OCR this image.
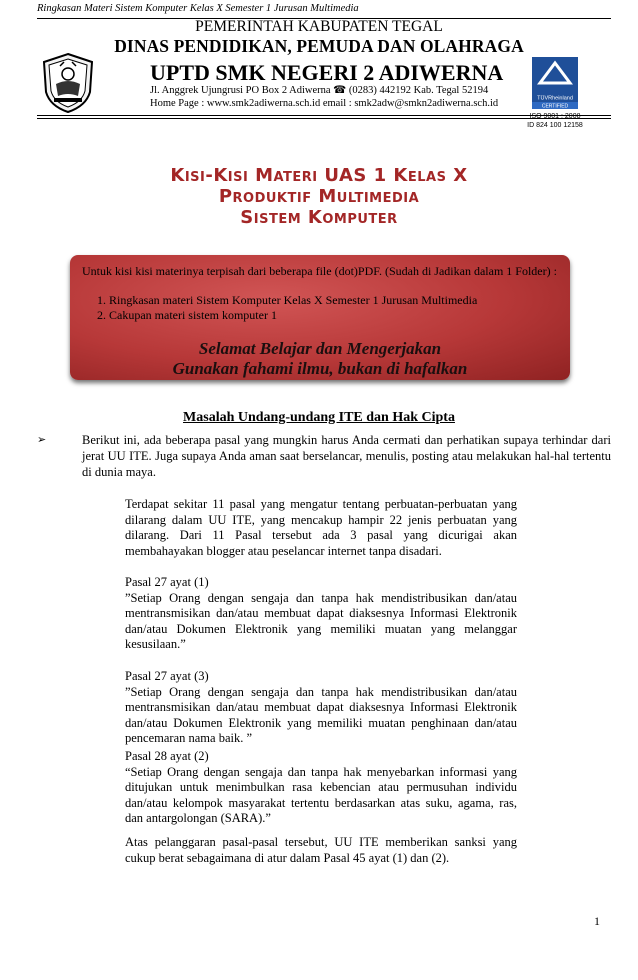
Ringkasan Materi Sistem Komputer Kelas X Semester 1 Jurusan Multimedia
PEMERINTAH KABUPATEN TEGAL
DINAS PENDIDIKAN, PEMUDA DAN OLAHRAGA
UPTD SMK NEGERI 2 ADIWERNA
Jl. Anggrek Ujungrusi PO Box 2 Adiwerna ☎ (0283) 442192 Kab. Tegal 52194
Home Page : www.smk2adiwerna.sch.id email : smk2adw@smkn2adiwerna.sch.id	TÜVRheinland
CERTIFIED
ISO 9001 : 2008
ID 824 100 12158
Kisi-Kisi Materi UAS 1 Kelas X
Produktif Multimedia
Sistem Komputer
Untuk kisi kisi materinya terpisah dari beberapa file (dot)PDF. (Sudah di Jadikan dalam 1 Folder) :
1. Ringkasan materi Sistem Komputer Kelas X Semester 1 Jurusan Multimedia
2. Cakupan materi sistem komputer 1
Selamat Belajar dan Mengerjakan
Gunakan fahami ilmu, bukan di hafalkan
Masalah Undang-undang ITE dan Hak Cipta
➢	Berikut ini, ada beberapa pasal yang mungkin harus Anda cermati dan perhatikan supaya terhindar dari jerat UU ITE. Juga supaya Anda aman saat berselancar, menulis, posting atau melakukan hal-hal tertentu di dunia maya.

Terdapat sekitar 11 pasal yang mengatur tentang perbuatan-perbuatan yang dilarang dalam UU ITE, yang mencakup hampir 22 jenis perbuatan yang dilarang. Dari 11 Pasal tersebut ada 3 pasal yang dicurigai akan membahayakan blogger atau peselancar internet tanpa disadari.

Pasal 27 ayat (1)

”Setiap Orang dengan sengaja dan tanpa hak mendistribusikan dan/atau mentransmisikan dan/atau membuat dapat diaksesnya Informasi Elektronik dan/atau Dokumen Elektronik yang memiliki muatan yang melanggar kesusilaan.”

Pasal 27 ayat (3)

”Setiap Orang dengan sengaja dan tanpa hak mendistribusikan dan/atau mentransmisikan dan/atau membuat dapat diaksesnya Informasi Elektronik dan/atau Dokumen Elektronik yang memiliki muatan penghinaan dan/atau pencemaran nama baik. ”

Pasal 28 ayat (2)

“Setiap Orang dengan sengaja dan tanpa hak menyebarkan informasi yang ditujukan untuk menimbulkan rasa kebencian atau permusuhan individu dan/atau kelompok masyarakat tertentu berdasarkan atas suku, agama, ras, dan antargolongan (SARA).”

Atas pelanggaran pasal-pasal tersebut, UU ITE memberikan sanksi yang cukup berat sebagaimana di atur dalam Pasal 45 ayat (1) dan (2).

1
